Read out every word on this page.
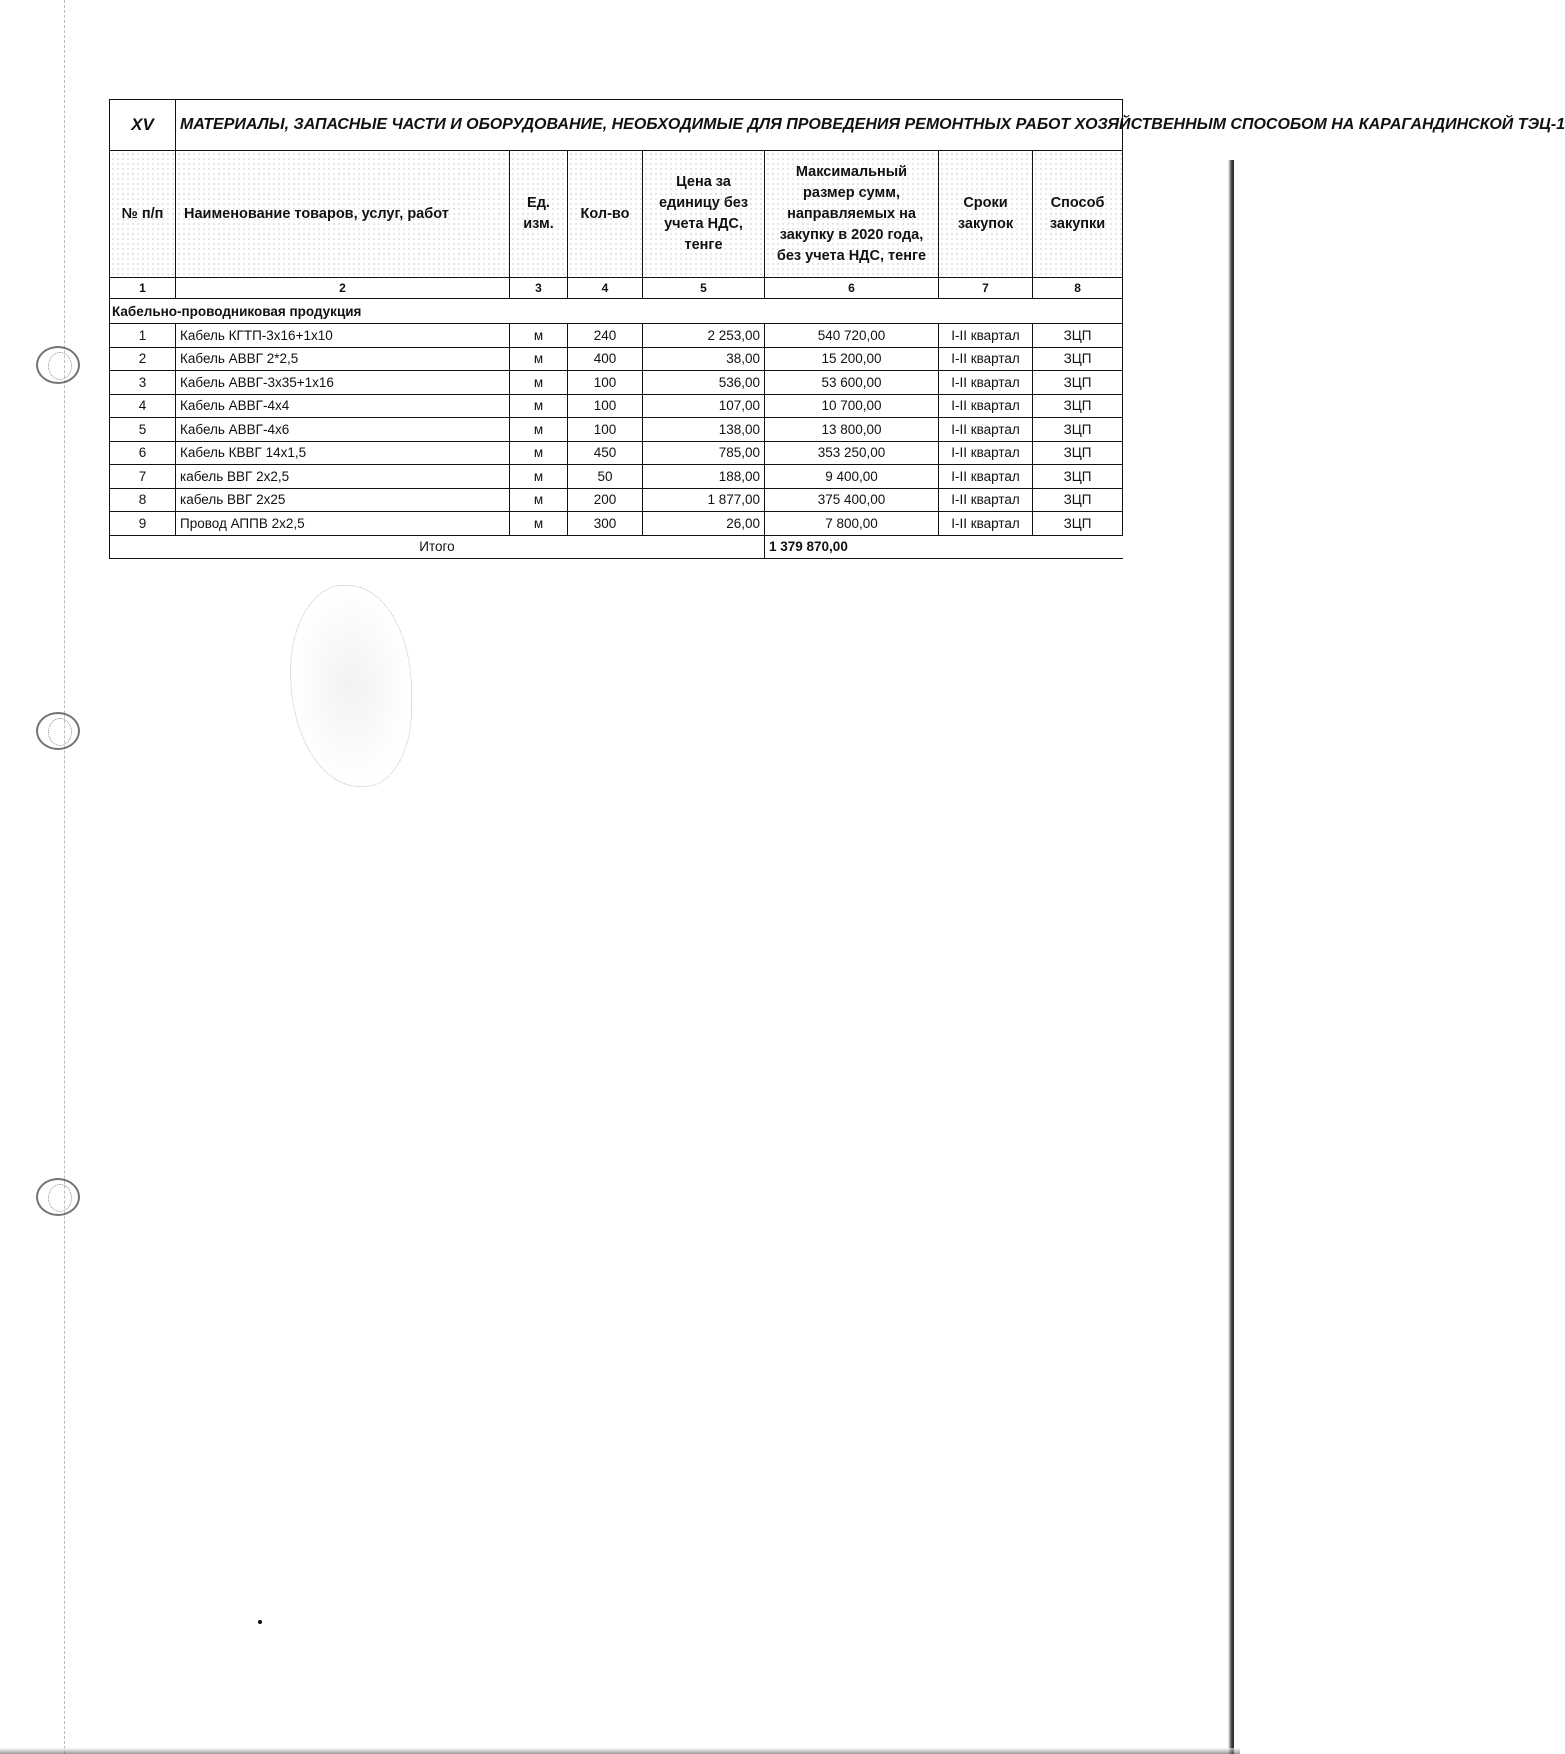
XV	МАТЕРИАЛЫ, ЗАПАСНЫЕ ЧАСТИ И ОБОРУДОВАНИЕ, НЕОБХОДИМЫЕ ДЛЯ ПРОВЕДЕНИЯ РЕМОНТНЫХ РАБОТ ХОЗЯЙСТВЕННЫМ СПОСОБОМ НА КАРАГАНДИНСКОЙ ТЭЦ-1						
№ п/п	Наименование товаров, услуг, работ	Ед. изм.	Кол-во	Цена за единицу без учета НДС, тенге	Максимальный размер сумм, направляемых на закупку в 2020 года, без учета НДС, тенге	Сроки закупок	Способ закупки
1	2	3	4	5	6	7	8
Кабельно-проводниковая продукция							
1	Кабель КГТП-3х16+1х10	м	240	2 253,00	540 720,00	I-II квартал	ЗЦП
2	Кабель АВВГ 2*2,5	м	400	38,00	15 200,00	I-II квартал	ЗЦП
3	Кабель АВВГ-3х35+1х16	м	100	536,00	53 600,00	I-II квартал	ЗЦП
4	Кабель АВВГ-4х4	м	100	107,00	10 700,00	I-II квартал	ЗЦП
5	Кабель АВВГ-4х6	м	100	138,00	13 800,00	I-II квартал	ЗЦП
6	Кабель КВВГ 14х1,5	м	450	785,00	353 250,00	I-II квартал	ЗЦП
7	кабель ВВГ 2х2,5	м	50	188,00	9 400,00	I-II квартал	ЗЦП
8	кабель ВВГ 2х25	м	200	1 877,00	375 400,00	I-II квартал	ЗЦП
9	Провод АППВ 2х2,5	м	300	26,00	7 800,00	I-II квартал	ЗЦП
Итого					1 379 870,00		
